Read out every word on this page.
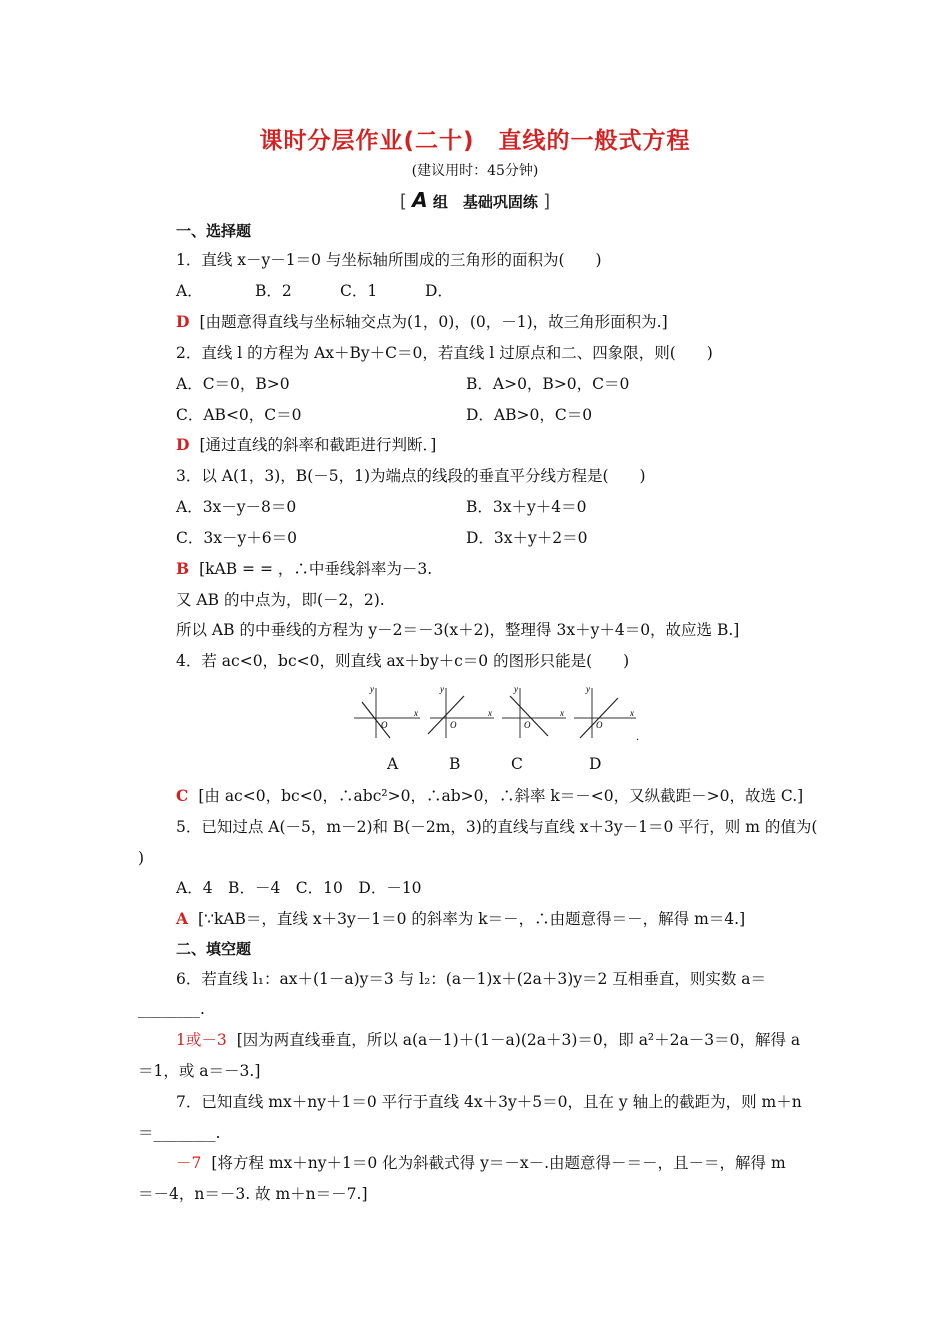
课时分层作业(二十)　直线的一般式方程
(建议用时：45分钟)
[ A 组　基础巩固练 ]
一、选择题
1．直线 x－y－1＝0 与坐标轴所围成的三角形的面积为(　　)
A．	B．2	C．1	D．
D [由题意得直线与坐标轴交点为(1，0)，(0，－1)，故三角形面积为.]
2．直线 l 的方程为 Ax＋By＋C＝0，若直线 l 过原点和二、四象限，则(　　)
A．C＝0，B>0	B．A>0，B>0，C＝0
C．AB<0，C＝0	D．AB>0，C＝0
D [通过直线的斜率和截距进行判断．]
3．以 A(1，3)，B(－5，1)为端点的线段的垂直平分线方程是(　　)
A．3x－y－8＝0	B．3x＋y＋4＝0
C．3x－y＋6＝0	D．3x＋y＋2＝0
B [kAB = = ，∴中垂线斜率为－3.
又 AB 的中点为，即(－2，2).
所以 AB 的中垂线的方程为 y－2＝－3(x＋2)，整理得 3x＋y＋4＝0，故应选 B.]
4．若 ac<0，bc<0，则直线 ax＋by＋c＝0 的图形只能是(　　)
x
y
O
x
y
O
x
y
O
x
y
O
.
A	B	C	D
C [由 ac<0，bc<0，∴abc²>0，∴ab>0，∴斜率 k＝－<0，又纵截距－>0，故选 C.]
5．已知过点 A(－5，m－2)和 B(－2m，3)的直线与直线 x＋3y－1＝0 平行，则 m 的值为(
)
A．4　B．－4　C．10　D．－10
A [∵kAB＝，直线 x＋3y－1＝0 的斜率为 k＝－，∴由题意得＝－，解得 m＝4.]
二、填空题
6．若直线 l₁：ax＋(1－a)y＝3 与 l₂：(a－1)x＋(2a＋3)y＝2 互相垂直，则实数 a＝
________.
1或－3 [因为两直线垂直，所以 a(a－1)＋(1－a)(2a＋3)＝0，即 a²＋2a－3＝0，解得 a
＝1，或 a＝－3.]
7．已知直线 mx＋ny＋1＝0 平行于直线 4x＋3y＋5＝0，且在 y 轴上的截距为，则 m＋n
＝________.
－7 [将方程 mx＋ny＋1＝0 化为斜截式得 y＝－x－.由题意得－＝－，且－＝，解得 m
＝－4，n＝－3. 故 m＋n＝－7.]
